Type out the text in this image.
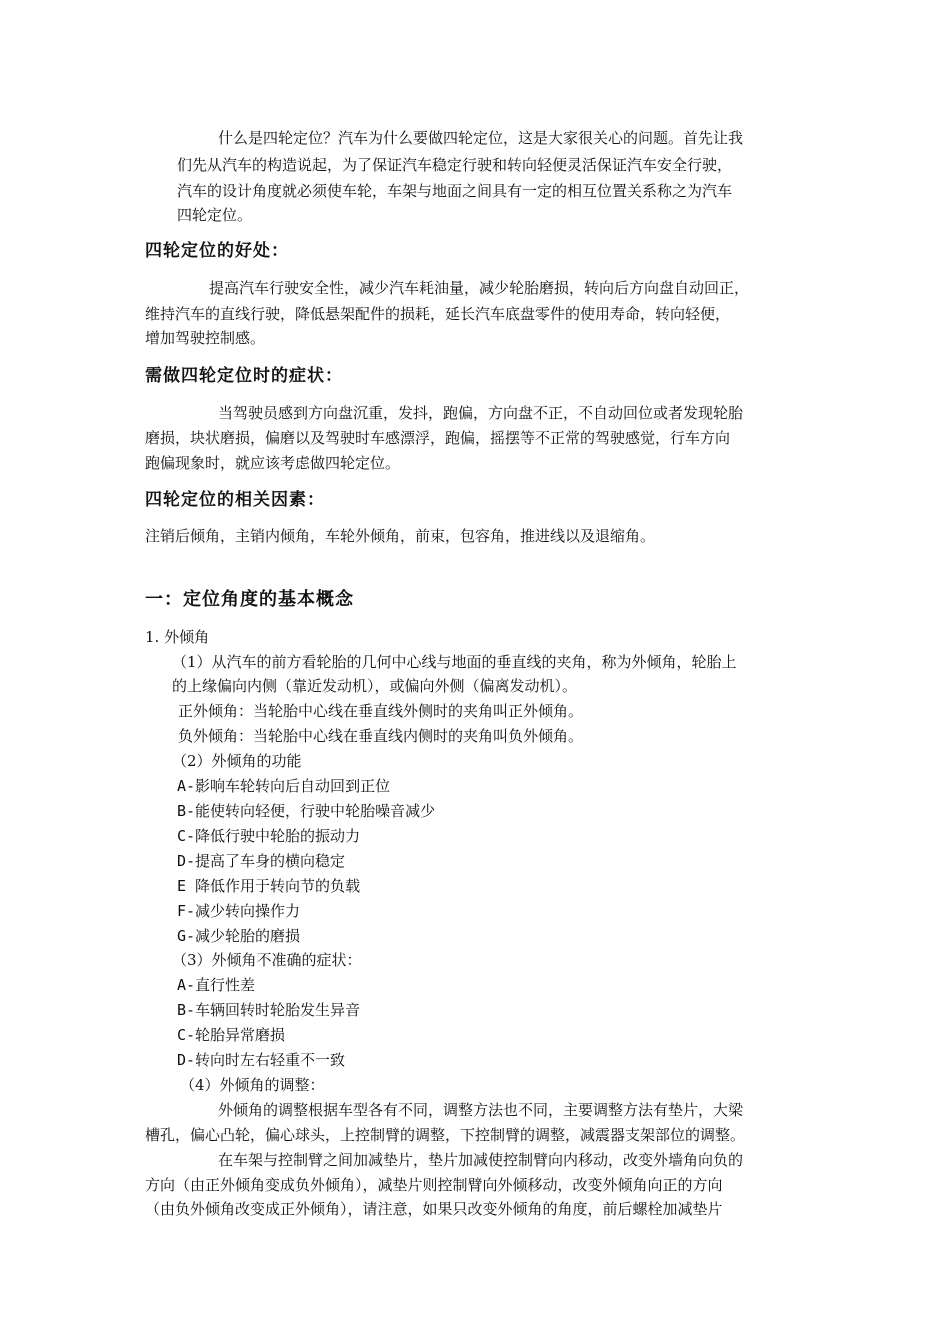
什么是四轮定位？汽车为什么要做四轮定位，这是大家很关心的问题。首先让我
们先从汽车的构造说起，为了保证汽车稳定行驶和转向轻便灵活保证汽车安全行驶，
汽车的设计角度就必须使车轮，车架与地面之间具有一定的相互位置关系称之为汽车
四轮定位。
四轮定位的好处：
提高汽车行驶安全性，减少汽车耗油量，减少轮胎磨损，转向后方向盘自动回正，
维持汽车的直线行驶，降低悬架配件的损耗，延长汽车底盘零件的使用寿命，转向轻便，
增加驾驶控制感。
需做四轮定位时的症状：
当驾驶员感到方向盘沉重，发抖，跑偏，方向盘不正，不自动回位或者发现轮胎
磨损，块状磨损，偏磨以及驾驶时车感漂浮，跑偏，摇摆等不正常的驾驶感觉，行车方向
跑偏现象时，就应该考虑做四轮定位。
四轮定位的相关因素：
注销后倾角，主销内倾角，车轮外倾角，前束，包容角，推进线以及退缩角。
一：定位角度的基本概念
1. 外倾角
（1）从汽车的前方看轮胎的几何中心线与地面的垂直线的夹角，称为外倾角，轮胎上
的上缘偏向内侧（靠近发动机），或偏向外侧（偏离发动机）。
正外倾角：当轮胎中心线在垂直线外侧时的夹角叫正外倾角。
负外倾角：当轮胎中心线在垂直线内侧时的夹角叫负外倾角。
（2）外倾角的功能
A-影响车轮转向后自动回到正位
B-能使转向轻便，行驶中轮胎噪音减少
C-降低行驶中轮胎的振动力
D-提高了车身的横向稳定
E 降低作用于转向节的负载
F-减少转向操作力
G-减少轮胎的磨损
（3）外倾角不准确的症状：
A-直行性差
B-车辆回转时轮胎发生异音
C-轮胎异常磨损
D-转向时左右轻重不一致
（4）外倾角的调整：
外倾角的调整根据车型各有不同，调整方法也不同，主要调整方法有垫片，大梁
槽孔，偏心凸轮，偏心球头，上控制臂的调整，下控制臂的调整，减震器支架部位的调整。
在车架与控制臂之间加减垫片，垫片加减使控制臂向内移动，改变外墙角向负的
方向（由正外倾角变成负外倾角），减垫片则控制臂向外倾移动，改变外倾角向正的方向
（由负外倾角改变成正外倾角），请注意，如果只改变外倾角的角度，前后螺栓加减垫片
